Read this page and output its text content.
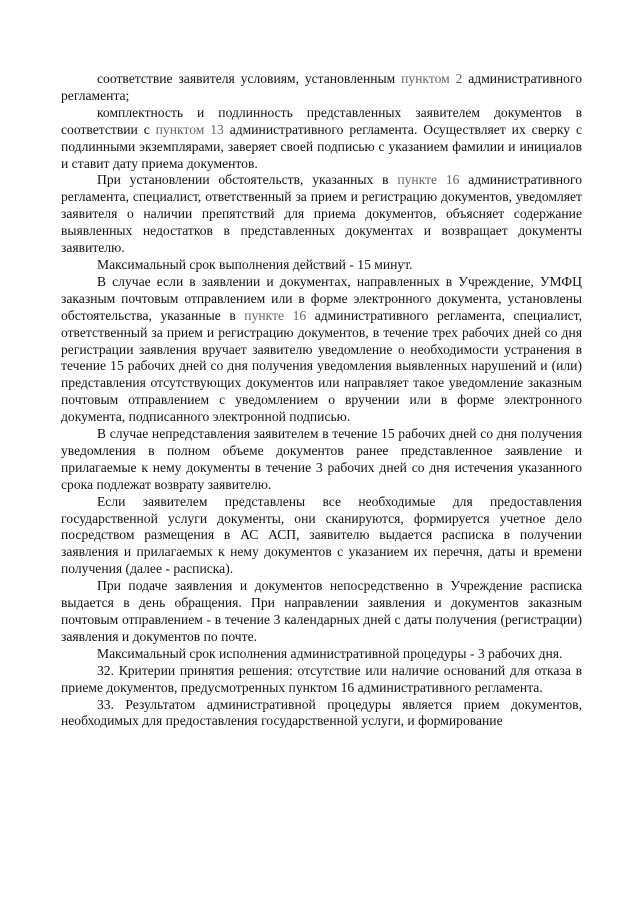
соответствие заявителя условиям, установленным пунктом 2 административного регламента;

комплектность и подлинность представленных заявителем документов в соответствии с пунктом 13 административного регламента. Осуществляет их сверку с подлинными экземплярами, заверяет своей подписью с указанием фамилии и инициалов и ставит дату приема документов.

При установлении обстоятельств, указанных в пункте 16 административного регламента, специалист, ответственный за прием и регистрацию документов, уведомляет заявителя о наличии препятствий для приема документов, объясняет содержание выявленных недостатков в представленных документах и возвращает документы заявителю.

Максимальный срок выполнения действий - 15 минут.

В случае если в заявлении и документах, направленных в Учреждение, УМФЦ заказным почтовым отправлением или в форме электронного документа, установлены обстоятельства, указанные в пункте 16 административного регламента, специалист, ответственный за прием и регистрацию документов, в течение трех рабочих дней со дня регистрации заявления вручает заявителю уведомление о необходимости устранения в течение 15 рабочих дней со дня получения уведомления выявленных нарушений и (или) представления отсутствующих документов или направляет такое уведомление заказным почтовым отправлением с уведомлением о вручении или в форме электронного документа, подписанного электронной подписью.

В случае непредставления заявителем в течение 15 рабочих дней со дня получения уведомления в полном объеме документов ранее представленное заявление и прилагаемые к нему документы в течение 3 рабочих дней со дня истечения указанного срока подлежат возврату заявителю.

Если заявителем представлены все необходимые для предоставления государственной услуги документы, они сканируются, формируется учетное дело посредством размещения в АС АСП, заявителю выдается расписка в получении заявления и прилагаемых к нему документов с указанием их перечня, даты и времени получения (далее - расписка).

При подаче заявления и документов непосредственно в Учреждение расписка выдается в день обращения. При направлении заявления и документов заказным почтовым отправлением - в течение 3 календарных дней с даты получения (регистрации) заявления и документов по почте.

Максимальный срок исполнения административной процедуры - 3 рабочих дня.

32. Критерии принятия решения: отсутствие или наличие оснований для отказа в приеме документов, предусмотренных пунктом 16 административного регламента.

33. Результатом административной процедуры является прием документов, необходимых для предоставления государственной услуги, и формирование
